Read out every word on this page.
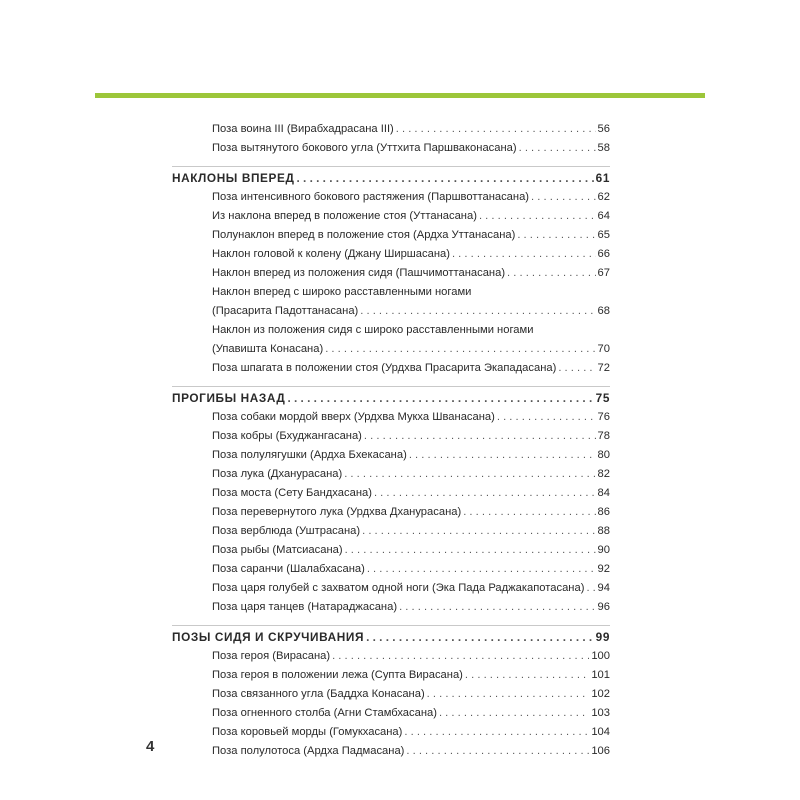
Поза воина III (Вирабхадрасана III) . . .	56
Поза вытянутого бокового угла (Уттхита Паршваконасана) . . .	58
НАКЛОНЫ ВПЕРЕД . . .	61
Поза интенсивного бокового растяжения (Паршвоттанасана) . . .	62
Из наклона вперед в положение стоя (Уттанасана) . . .	64
Полунаклон вперед в положение стоя (Ардха Уттанасана) . . .	65
Наклон головой к колену (Джану Ширшасана) . . .	66
Наклон вперед из положения сидя (Пашчимоттанасана) . . .	67
Наклон вперед с широко расставленными ногами
(Прасарита Падоттанасана) . . .	68
Наклон из положения сидя с широко расставленными ногами
(Упавишта Конасана) . . .	70
Поза шпагата в положении стоя (Урдхва Прасарита Экападасана) . . .	72
ПРОГИБЫ НАЗАД . . .	75
Поза собаки мордой вверх (Урдхва Мукха Шванасана) . . .	76
Поза кобры (Бхуджангасана) . . .	78
Поза полулягушки (Ардха Бхекасана) . . .	80
Поза лука (Дханурасана) . . .	82
Поза моста (Сету Бандхасана) . . .	84
Поза перевернутого лука (Урдхва Дханурасана) . . .	86
Поза верблюда (Уштрасана) . . .	88
Поза рыбы (Матсиасана) . . .	90
Поза саранчи (Шалабхасана) . . .	92
Поза царя голубей с захватом одной ноги (Эка Пада Раджакапотасана) . . . 94
Поза царя танцев (Натараджасана) . . .	96
ПОЗЫ СИДЯ И СКРУЧИВАНИЯ . . .	99
Поза героя (Вирасана) . . .	100
Поза героя в положении лежа (Супта Вирасана) . . .	101
Поза связанного угла (Баддха Конасана) . . .	102
Поза огненного столба (Агни Стамбхасана) . . .	103
Поза коровьей морды (Гомукхасана) . . .	104
Поза полулотоса (Ардха Падмасана) . . .	106
4
